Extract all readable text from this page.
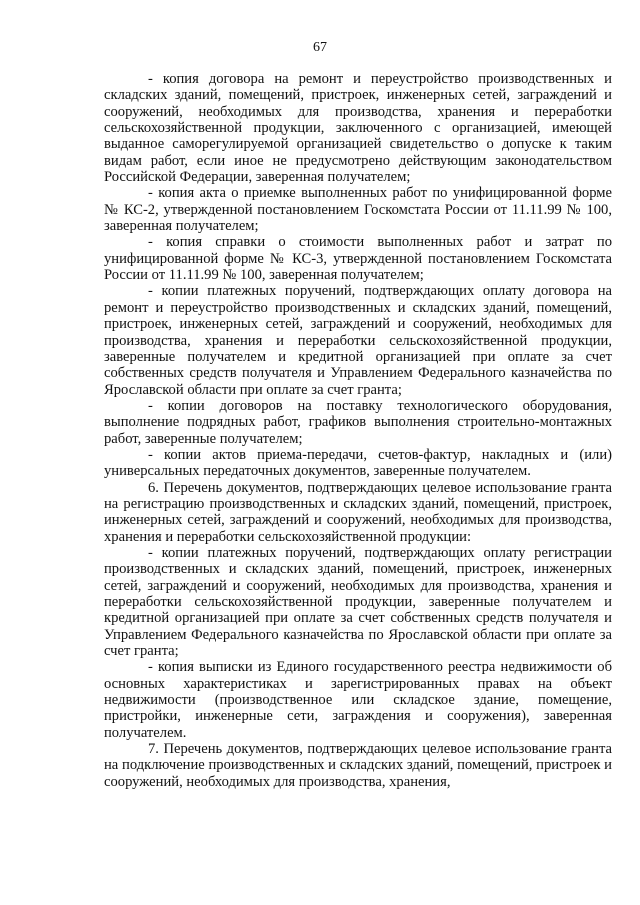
67

- копия договора на ремонт и переустройство производственных и складских зданий, помещений, пристроек, инженерных сетей, заграждений и сооружений, необходимых для производства, хранения и переработки сельскохозяйственной продукции, заключенного с организацией, имеющей выданное саморегулируемой организацией свидетельство о допуске к таким видам работ, если иное не предусмотрено действующим законодательством Российской Федерации, заверенная получателем;

- копия акта о приемке выполненных работ по унифицированной форме № КС-2, утвержденной постановлением Госкомстата России от 11.11.99 № 100, заверенная получателем;

- копия справки о стоимости выполненных работ и затрат по унифицированной форме № КС-3, утвержденной постановлением Госкомстата России от 11.11.99 № 100, заверенная получателем;

- копии платежных поручений, подтверждающих оплату договора на ремонт и переустройство производственных и складских зданий, помещений, пристроек, инженерных сетей, заграждений и сооружений, необходимых для производства, хранения и переработки сельскохозяйственной продукции, заверенные получателем и кредитной организацией при оплате за счет собственных средств получателя и Управлением Федерального казначейства по Ярославской области при оплате за счет гранта;

- копии договоров на поставку технологического оборудования, выполнение подрядных работ, графиков выполнения строительно-монтажных работ, заверенные получателем;

- копии актов приема-передачи, счетов-фактур, накладных и (или) универсальных передаточных документов, заверенные получателем.

6. Перечень документов, подтверждающих целевое использование гранта на регистрацию производственных и складских зданий, помещений, пристроек, инженерных сетей, заграждений и сооружений, необходимых для производства, хранения и переработки сельскохозяйственной продукции:

- копии платежных поручений, подтверждающих оплату регистрации производственных и складских зданий, помещений, пристроек, инженерных сетей, заграждений и сооружений, необходимых для производства, хранения и переработки сельскохозяйственной продукции, заверенные получателем и кредитной организацией при оплате за счет собственных средств получателя и Управлением Федерального казначейства по Ярославской области при оплате за счет гранта;

- копия выписки из Единого государственного реестра недвижимости об основных характеристиках и зарегистрированных правах на объект недвижимости (производственное или складское здание, помещение, пристройки, инженерные сети, заграждения и сооружения), заверенная получателем.

7. Перечень документов, подтверждающих целевое использование гранта на подключение производственных и складских зданий, помещений, пристроек и сооружений, необходимых для производства, хранения,
